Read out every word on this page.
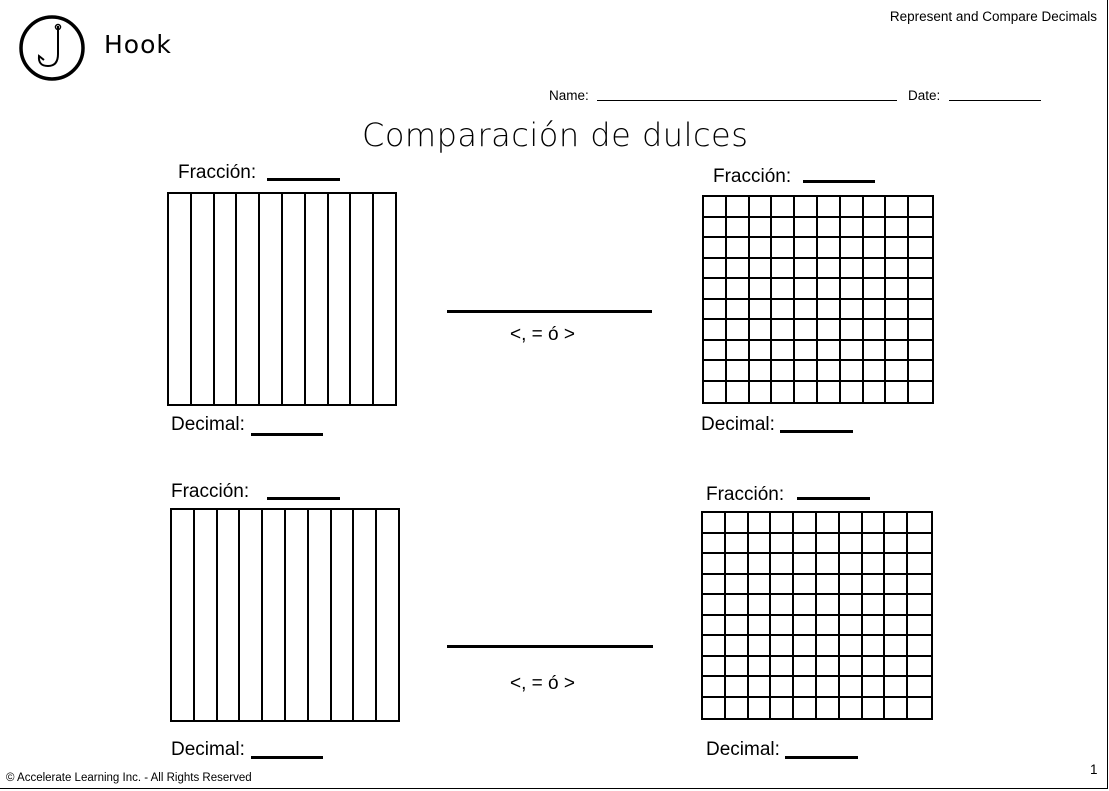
Hook
Represent and Compare Decimals
Name:	Date:
Comparación de dulces
Fracción:
Decimal:
<, = ó >
Fracción:
Decimal:
Fracción:
Decimal:
<, = ó >
Fracción:
Decimal:
© Accelerate Learning Inc. - All Rights Reserved
1
